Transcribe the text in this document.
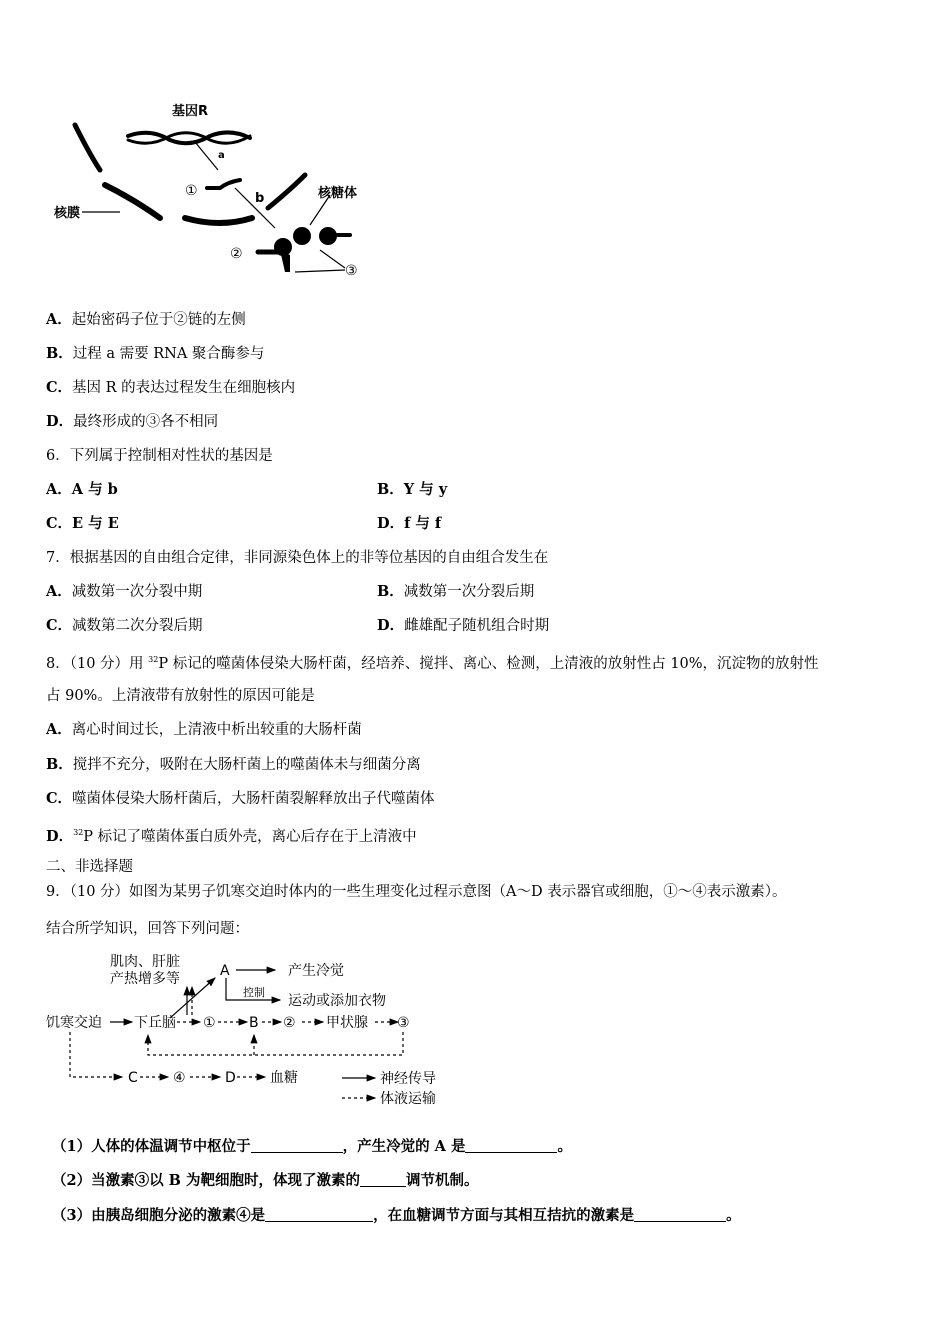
基因R
a
①	b	核糖体
核膜
②
③
A．起始密码子位于②链的左侧
B．过程 a 需要 RNA 聚合酶参与
C．基因 R 的表达过程发生在细胞核内
D．最终形成的③各不相同
6．下列属于控制相对性状的基因是
A．A 与 b	B．Y 与 y
C．E 与 E	D．f 与 f
7．根据基因的自由组合定律，非同源染色体上的非等位基因的自由组合发生在
A．减数第一次分裂中期	B．减数第一次分裂后期
C．减数第二次分裂后期	D．雌雄配子随机组合时期
8．（10 分）用 $^{32}$P 标记的噬菌体侵染大肠杆菌，经培养、搅拌、离心、检测，上清液的放射性占 10%，沉淀物的放射性
占 90%。上清液带有放射性的原因可能是
A．离心时间过长，上清液中析出较重的大肠杆菌
B．搅拌不充分，吸附在大肠杆菌上的噬菌体未与细菌分离
C．噬菌体侵染大肠杆菌后，大肠杆菌裂解释放出子代噬菌体
D．$^{32}$P 标记了噬菌体蛋白质外壳，离心后存在于上清液中
二、非选择题
9．（10 分）如图为某男子饥寒交迫时体内的一些生理变化过程示意图（A～D 表示器官或细胞，①～④表示激素）。
结合所学知识，回答下列问题：
肌肉、肝脏
产热增多等	A	产生冷觉
控制
运动或添加衣物
饥寒交迫 下丘脑 ① B ② 甲状腺 ③
C	④	D 血糖	神经传导
体液运输
（1）人体的体温调节中枢位于	，产生冷觉的 A 是	。
（2）当激素③以 B 为靶细胞时，体现了激素的	调节机制。
（3）由胰岛细胞分泌的激素④是	，在血糖调节方面与其相互拮抗的激素是	。
